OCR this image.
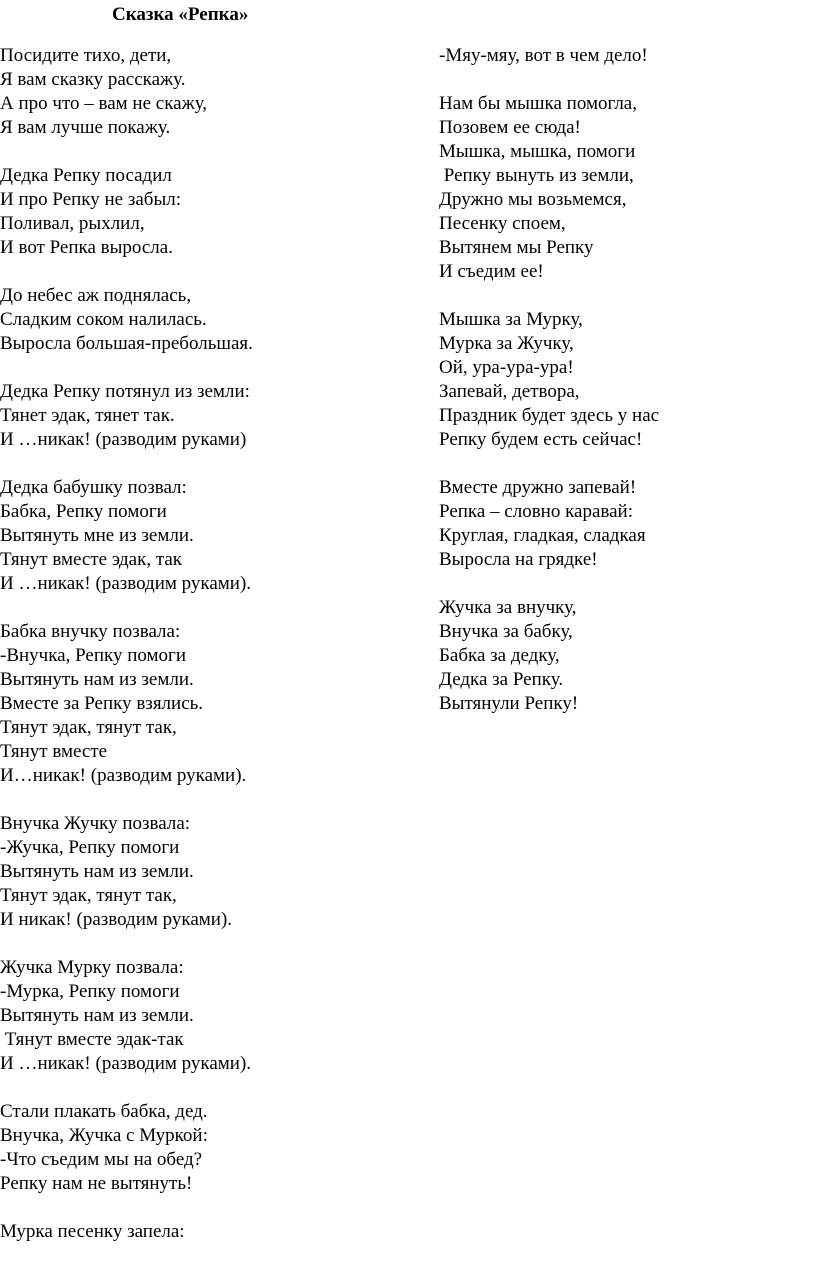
Сказка «Репка»
Посидите тихо, дети,
Я вам сказку расскажу.
А про что – вам не скажу,
Я вам лучше покажу.
Дедка Репку посадил
И про Репку не забыл:
Поливал, рыхлил,
И вот Репка выросла.
До небес аж поднялась,
Сладким соком налилась.
Выросла большая-пребольшая.
Дедка Репку потянул из земли:
Тянет эдак, тянет так.
И …никак! (разводим руками)
Дедка бабушку позвал:
Бабка, Репку помоги
Вытянуть мне из земли.
Тянут вместе эдак, так
И …никак! (разводим руками).
Бабка внучку позвала:
-Внучка, Репку помоги
Вытянуть нам из земли.
Вместе за Репку взялись.
Тянут эдак, тянут так,
Тянут вместе
И…никак! (разводим руками).
Внучка Жучку позвала:
-Жучка, Репку помоги
Вытянуть нам из земли.
Тянут эдак, тянут так,
И никак! (разводим руками).
Жучка Мурку позвала:
-Мурка, Репку помоги
Вытянуть нам из земли.
Тянут вместе эдак-так
И …никак! (разводим руками).
Стали плакать бабка, дед.
Внучка, Жучка с Муркой:
-Что съедим мы на обед?
Репку нам не вытянуть!
Мурка песенку запела:
-Мяу-мяу, вот в чем дело!
Нам бы мышка помогла,
Позовем ее сюда!
Мышка, мышка, помоги
Репку вынуть из земли,
Дружно мы возьмемся,
Песенку споем,
Вытянем мы Репку
И съедим ее!
Мышка за Мурку,
Мурка за Жучку,
Ой, ура-ура-ура!
Запевай, детвора,
Праздник будет здесь у нас
Репку будем есть сейчас!
Вместе дружно запевай!
Репка – словно каравай:
Круглая, гладкая, сладкая
Выросла на грядке!
Жучка за внучку,
Внучка за бабку,
Бабка за дедку,
Дедка за Репку.
Вытянули Репку!
